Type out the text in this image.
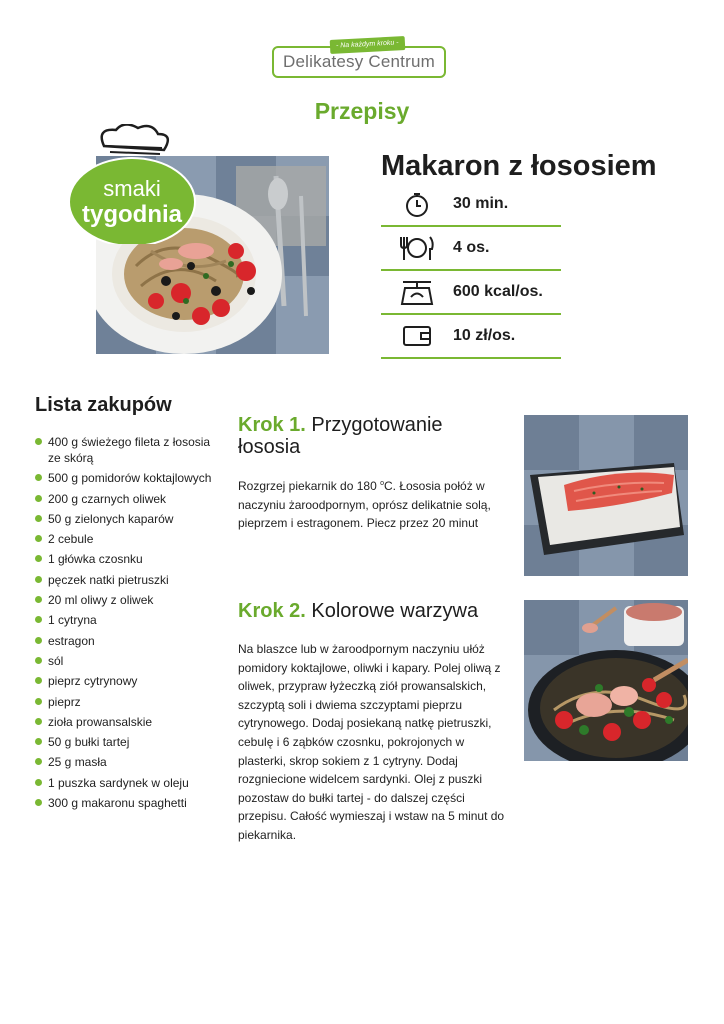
Delikatesy Centrum
- Na każdym kroku -
Przepisy
smaki
tygodnia
Makaron z łososiem
30 min.
4 os.
600 kcal/os.
10 zł/os.
Lista zakupów
400 g świeżego fileta z łososia ze skórą
500 g pomidorów koktajlowych
200 g czarnych oliwek
50 g zielonych kaparów
2 cebule
1 główka czosnku
pęczek natki pietruszki
20 ml oliwy z oliwek
1 cytryna
estragon
sól
pieprz cytrynowy
pieprz
zioła prowansalskie
50 g bułki tartej
25 g masła
1 puszka sardynek w oleju
300 g makaronu spaghetti
Krok 1. Przygotowanie łososia
Rozgrzej piekarnik do 180 $^o$C. Łososia połóż w naczyniu żaroodpornym, oprósz delikatnie solą, pieprzem i estragonem. Piecz przez 20 minut
Krok 2. Kolorowe warzywa
Na blaszce lub w żaroodpornym naczyniu ułóż pomidory koktajlowe, oliwki i kapary. Polej oliwą z oliwek, przypraw łyżeczką ziół prowansalskich, szczyptą soli i dwiema szczyptami pieprzu cytrynowego. Dodaj posiekaną natkę pietruszki, cebulę i 6 ząbków czosnku, pokrojonych w plasterki, skrop sokiem z 1 cytryny. Dodaj rozgniecione widelcem sardynki. Olej z puszki pozostaw do bułki tartej - do dalszej części przepisu. Całość wymieszaj i wstaw na 5 minut do piekarnika.
